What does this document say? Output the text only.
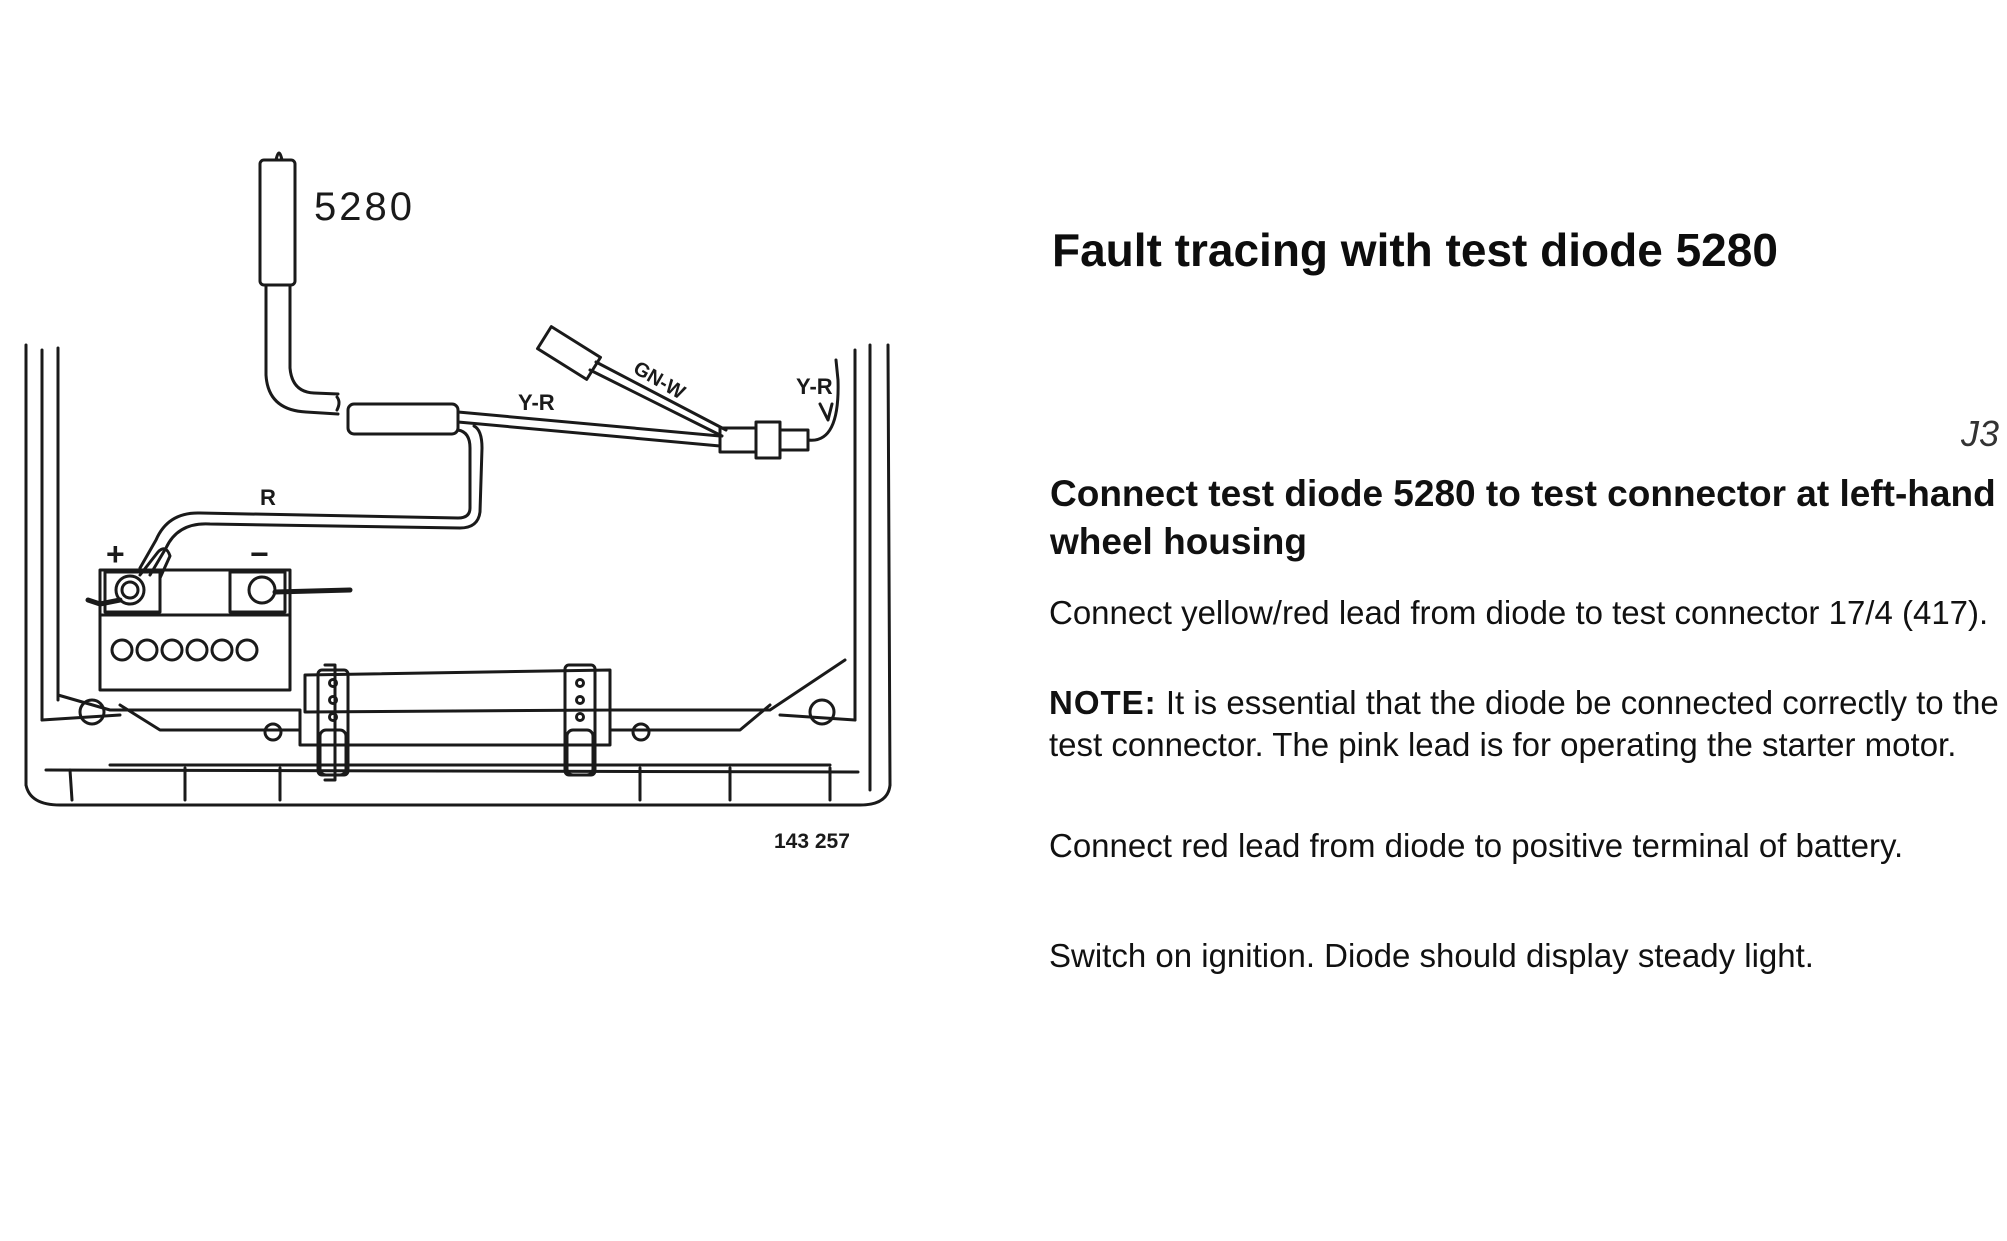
5280
GN-W
Y-R
Y-R
R
+	−
143 257
Fault tracing with test diode 5280
J3
Connect test diode 5280 to test connector at left-hand wheel housing

Connect yellow/red lead from diode to test connector 17/4 (417).

NOTE: It is essential that the diode be connected correctly to the test connector. The pink lead is for operating the starter motor.

Connect red lead from diode to positive terminal of battery.

Switch on ignition. Diode should display steady light.
